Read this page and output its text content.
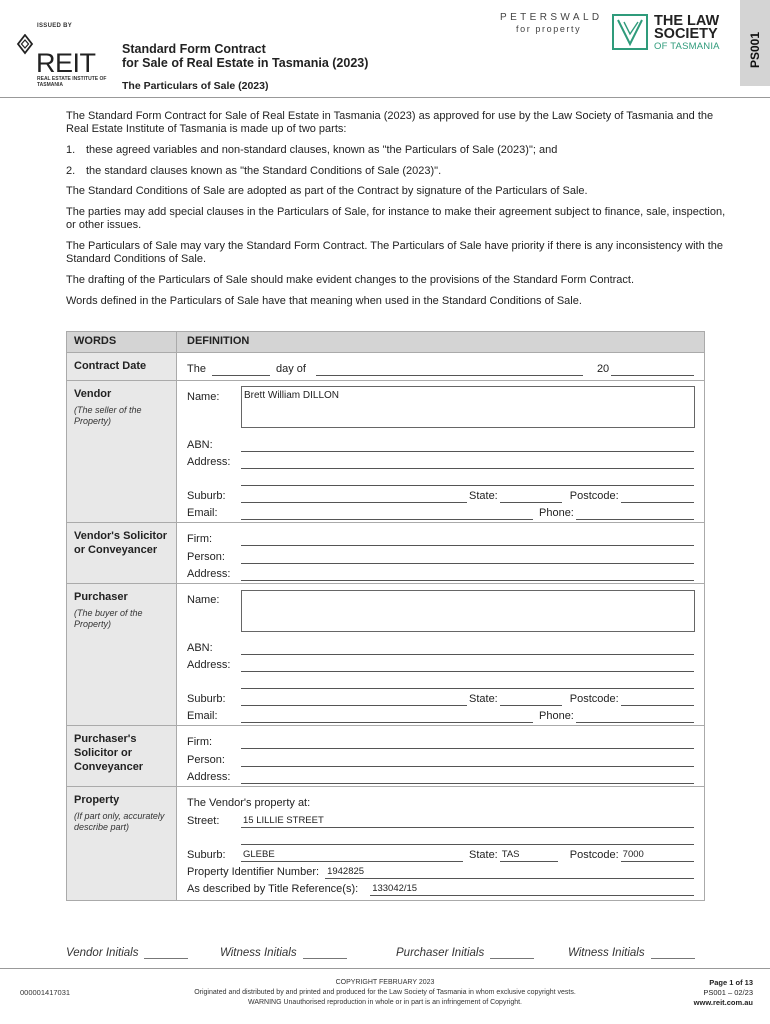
ISSUED BY
REIT
REAL ESTATE INSTITUTE OF TASMANIA
Standard Form Contract
for Sale of Real Estate in Tasmania (2023)
The Particulars of Sale (2023)
PETERSWALD
for property	THE LAW
SOCIETY
OF TASMANIA PS001

The Standard Form Contract for Sale of Real Estate in Tasmania (2023) as approved for use by the Law Society of Tasmania and the Real Estate Institute of Tasmania is made up of two parts:

1. these agreed variables and non-standard clauses, known as "the Particulars of Sale (2023)"; and
2. the standard clauses known as "the Standard Conditions of Sale (2023)".

The Standard Conditions of Sale are adopted as part of the Contract by signature of the Particulars of Sale.

The parties may add special clauses in the Particulars of Sale, for instance to make their agreement subject to finance, sale, inspection, or other issues.

The Particulars of Sale may vary the Standard Form Contract. The Particulars of Sale have priority if there is any inconsistency with the Standard Conditions of Sale.

The drafting of the Particulars of Sale should make evident changes to the provisions of the Standard Form Contract.

Words defined in the Particulars of Sale have that meaning when used in the Standard Conditions of Sale.

WORDS	DEFINITION
Contract Date	The	day of	20
Vendor
(The seller of the Property)
Name:	Brett William DILLON
ABN:
Address:
Suburb:	State:	Postcode:
Email:	Phone:
Vendor's Solicitor or Conveyancer
Firm:
Person:
Address:
Purchaser
(The buyer of the Property)
Name:
ABN:
Address:
Suburb:	State:	Postcode:
Email:	Phone:
Purchaser's Solicitor or Conveyancer
Firm:
Person:
Address:
Property
(If part only, accurately describe part)
The Vendor's property at:
Street:	15 LILLIE STREET
Suburb:	GLEBE	State: TAS	Postcode: 7000
Property Identifier Number: 1942825
As described by Title Reference(s): 133042/15
Vendor Initials	Witness Initials	Purchaser Initials	Witness Initials
000001417031
COPYRIGHT FEBRUARY 2023
Originated and distributed by and printed and produced for the Law Society of Tasmania in whom exclusive copyright vests.
WARNING Unauthorised reproduction in whole or in part is an infringement of Copyright.
Page 1 of 13
PS001 – 02/23
www.reit.com.au
